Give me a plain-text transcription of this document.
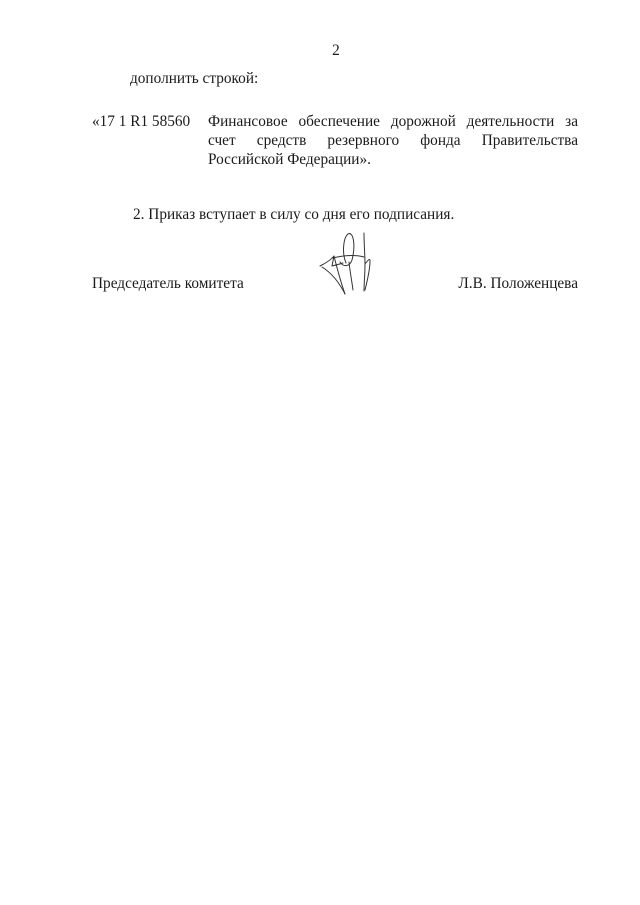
2
дополнить строкой:
«17 1 R1 58560 Финансовое обеспечение дорожной деятельности за
счет средств резервного фонда Правительства
Российской Федерации».
2. Приказ вступает в силу со дня его подписания.
Председатель комитета	Л.В. Положенцева
